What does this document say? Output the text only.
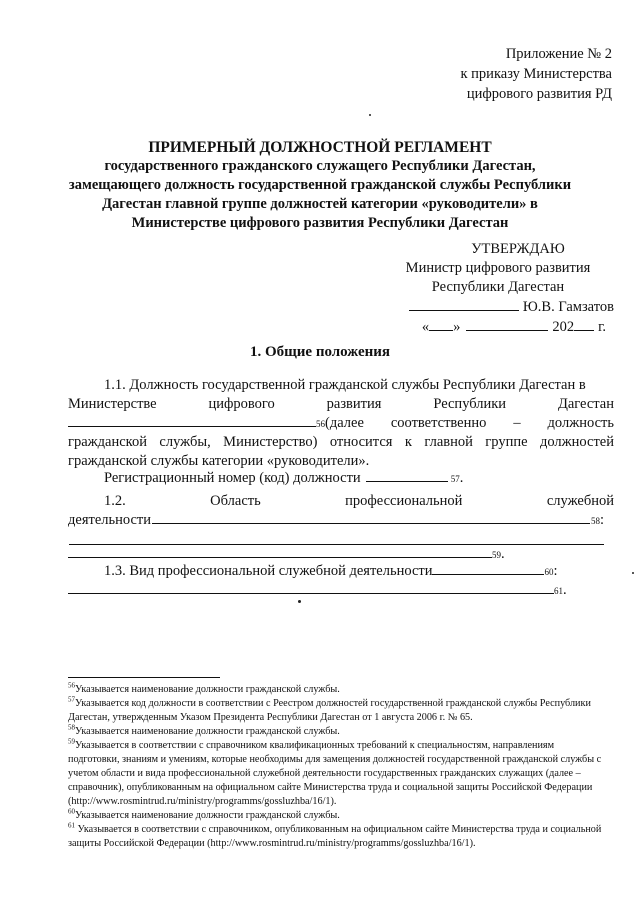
Приложение № 2
к приказу Министерства
цифрового развития РД
ПРИМЕРНЫЙ ДОЛЖНОСТНОЙ РЕГЛАМЕНТ
государственного гражданского служащего Республики Дагестан,
замещающего должность государственной гражданской службы Республики
Дагестан главной группе должностей категории «руководители» в
Министерстве цифрового развития Республики Дагестан
УТВЕРЖДАЮ
Министр цифрового развития
Республики Дагестан
Ю.В. Гамзатов
« »	202 г.
1. Общие положения
1.1. Должность государственной гражданской службы Республики Дагестан в
Министерстве	цифрового	развития	Республики	Дагестан
56 (далее соответственно – должность
гражданской службы, Министерство) относится к главной группе должностей
гражданской службы категории «руководители».
Регистрационный номер (код) должности	57 .
1.2.	Область	профессиональной	служебной
деятельности	58 :
59 .
1.3. Вид профессиональной служебной деятельности	60 :
61 .

$^{56}$Указывается наименование должности гражданской службы.

$^{57}$Указывается код должности в соответствии с Реестром должностей государственной гражданской службы Республики Дагестан, утвержденным Указом Президента Республики Дагестан от 1 августа 2006 г. № 65.

$^{58}$Указывается наименование должности гражданской службы.

$^{59}$Указывается в соответствии с справочником квалификационных требований к специальностям, направлениям подготовки, знаниям и умениям, которые необходимы для замещения должностей государственной гражданской службы с учетом области и вида профессиональной служебной деятельности государственных гражданских служащих (далее – справочник), опубликованным на официальном сайте Министерства труда и социальной защиты Российской Федерации (http://www.rosmintrud.ru/ministry/programms/gossluzhba/16/1).

$^{60}$Указывается наименование должности гражданской службы.

$^{61}$ Указывается в соответствии с справочником, опубликованным на официальном сайте Министерства труда и социальной защиты Российской Федерации (http://www.rosmintrud.ru/ministry/programms/gossluzhba/16/1).
